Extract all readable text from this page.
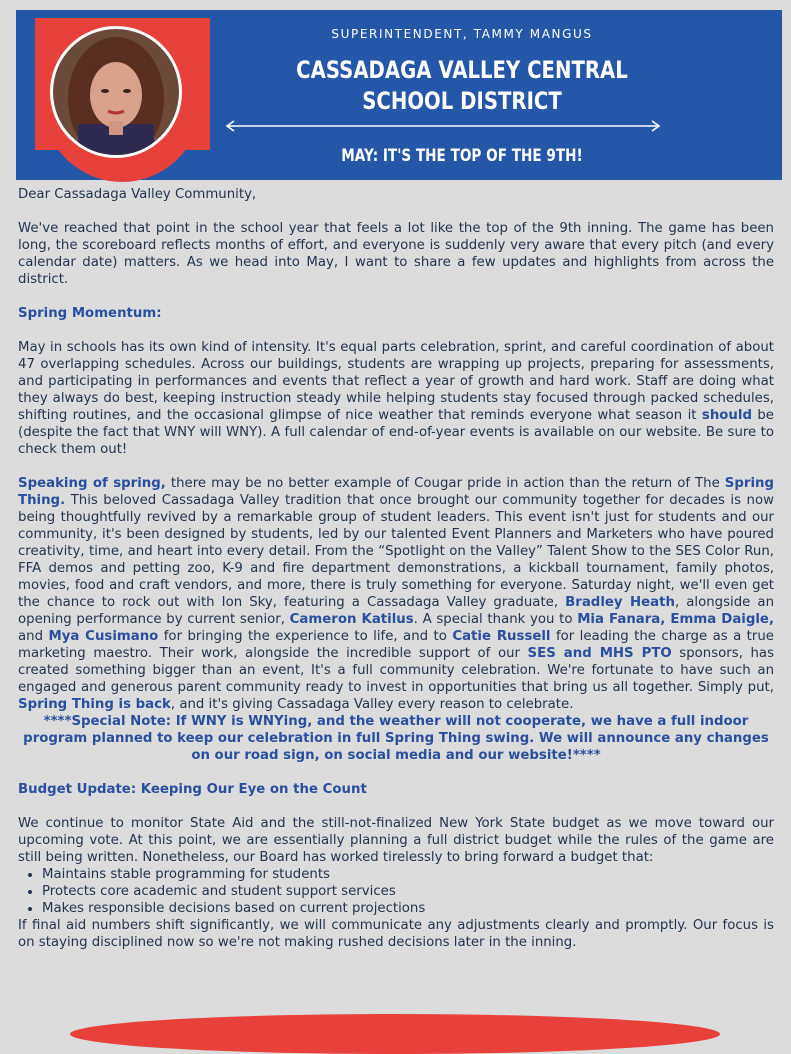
SUPERINTENDENT, TAMMY MANGUS
CASSADAGA VALLEY CENTRAL
SCHOOL DISTRICT
MAY: IT'S THE TOP OF THE 9TH!

Dear Cassadaga Valley Community,

We've reached that point in the school year that feels a lot like the top of the 9th inning. The game has been long, the scoreboard reflects months of effort, and everyone is suddenly very aware that every pitch (and every calendar date) matters. As we head into May, I want to share a few updates and highlights from across the district.

Spring Momentum:

May in schools has its own kind of intensity. It's equal parts celebration, sprint, and careful coordination of about 47 overlapping schedules. Across our buildings, students are wrapping up projects, preparing for assessments, and participating in performances and events that reflect a year of growth and hard work. Staff are doing what they always do best, keeping instruction steady while helping students stay focused through packed schedules, shifting routines, and the occasional glimpse of nice weather that reminds everyone what season it should be (despite the fact that WNY will WNY). A full calendar of end-of-year events is available on our website. Be sure to check them out!

Speaking of spring, there may be no better example of Cougar pride in action than the return of The Spring Thing. This beloved Cassadaga Valley tradition that once brought our community together for decades is now being thoughtfully revived by a remarkable group of student leaders. This event isn't just for students and our community, it's been designed by students, led by our talented Event Planners and Marketers who have poured creativity, time, and heart into every detail. From the “Spotlight on the Valley” Talent Show to the SES Color Run, FFA demos and petting zoo, K-9 and fire department demonstrations, a kickball tournament, family photos, movies, food and craft vendors, and more, there is truly something for everyone. Saturday night, we'll even get the chance to rock out with Ion Sky, featuring a Cassadaga Valley graduate, Bradley Heath, alongside an opening performance by current senior, Cameron Katilus. A special thank you to Mia Fanara, Emma Daigle, and Mya Cusimano for bringing the experience to life, and to Catie Russell for leading the charge as a true marketing maestro. Their work, alongside the incredible support of our SES and MHS PTO sponsors, has created something bigger than an event, It's a full community celebration. We're fortunate to have such an engaged and generous parent community ready to invest in opportunities that bring us all together. Simply put, Spring Thing is back, and it's giving Cassadaga Valley every reason to celebrate.

****Special Note: If WNY is WNYing, and the weather will not cooperate, we have a full indoor program planned to keep our celebration in full Spring Thing swing. We will announce any changes on our road sign, on social media and our website!****

Budget Update: Keeping Our Eye on the Count

We continue to monitor State Aid and the still-not-finalized New York State budget as we move toward our upcoming vote. At this point, we are essentially planning a full district budget while the rules of the game are still being written. Nonetheless, our Board has worked tirelessly to bring forward a budget that:

• Maintains stable programming for students
• Protects core academic and student support services
• Makes responsible decisions based on current projections

If final aid numbers shift significantly, we will communicate any adjustments clearly and promptly. Our focus is on staying disciplined now so we're not making rushed decisions later in the inning.
